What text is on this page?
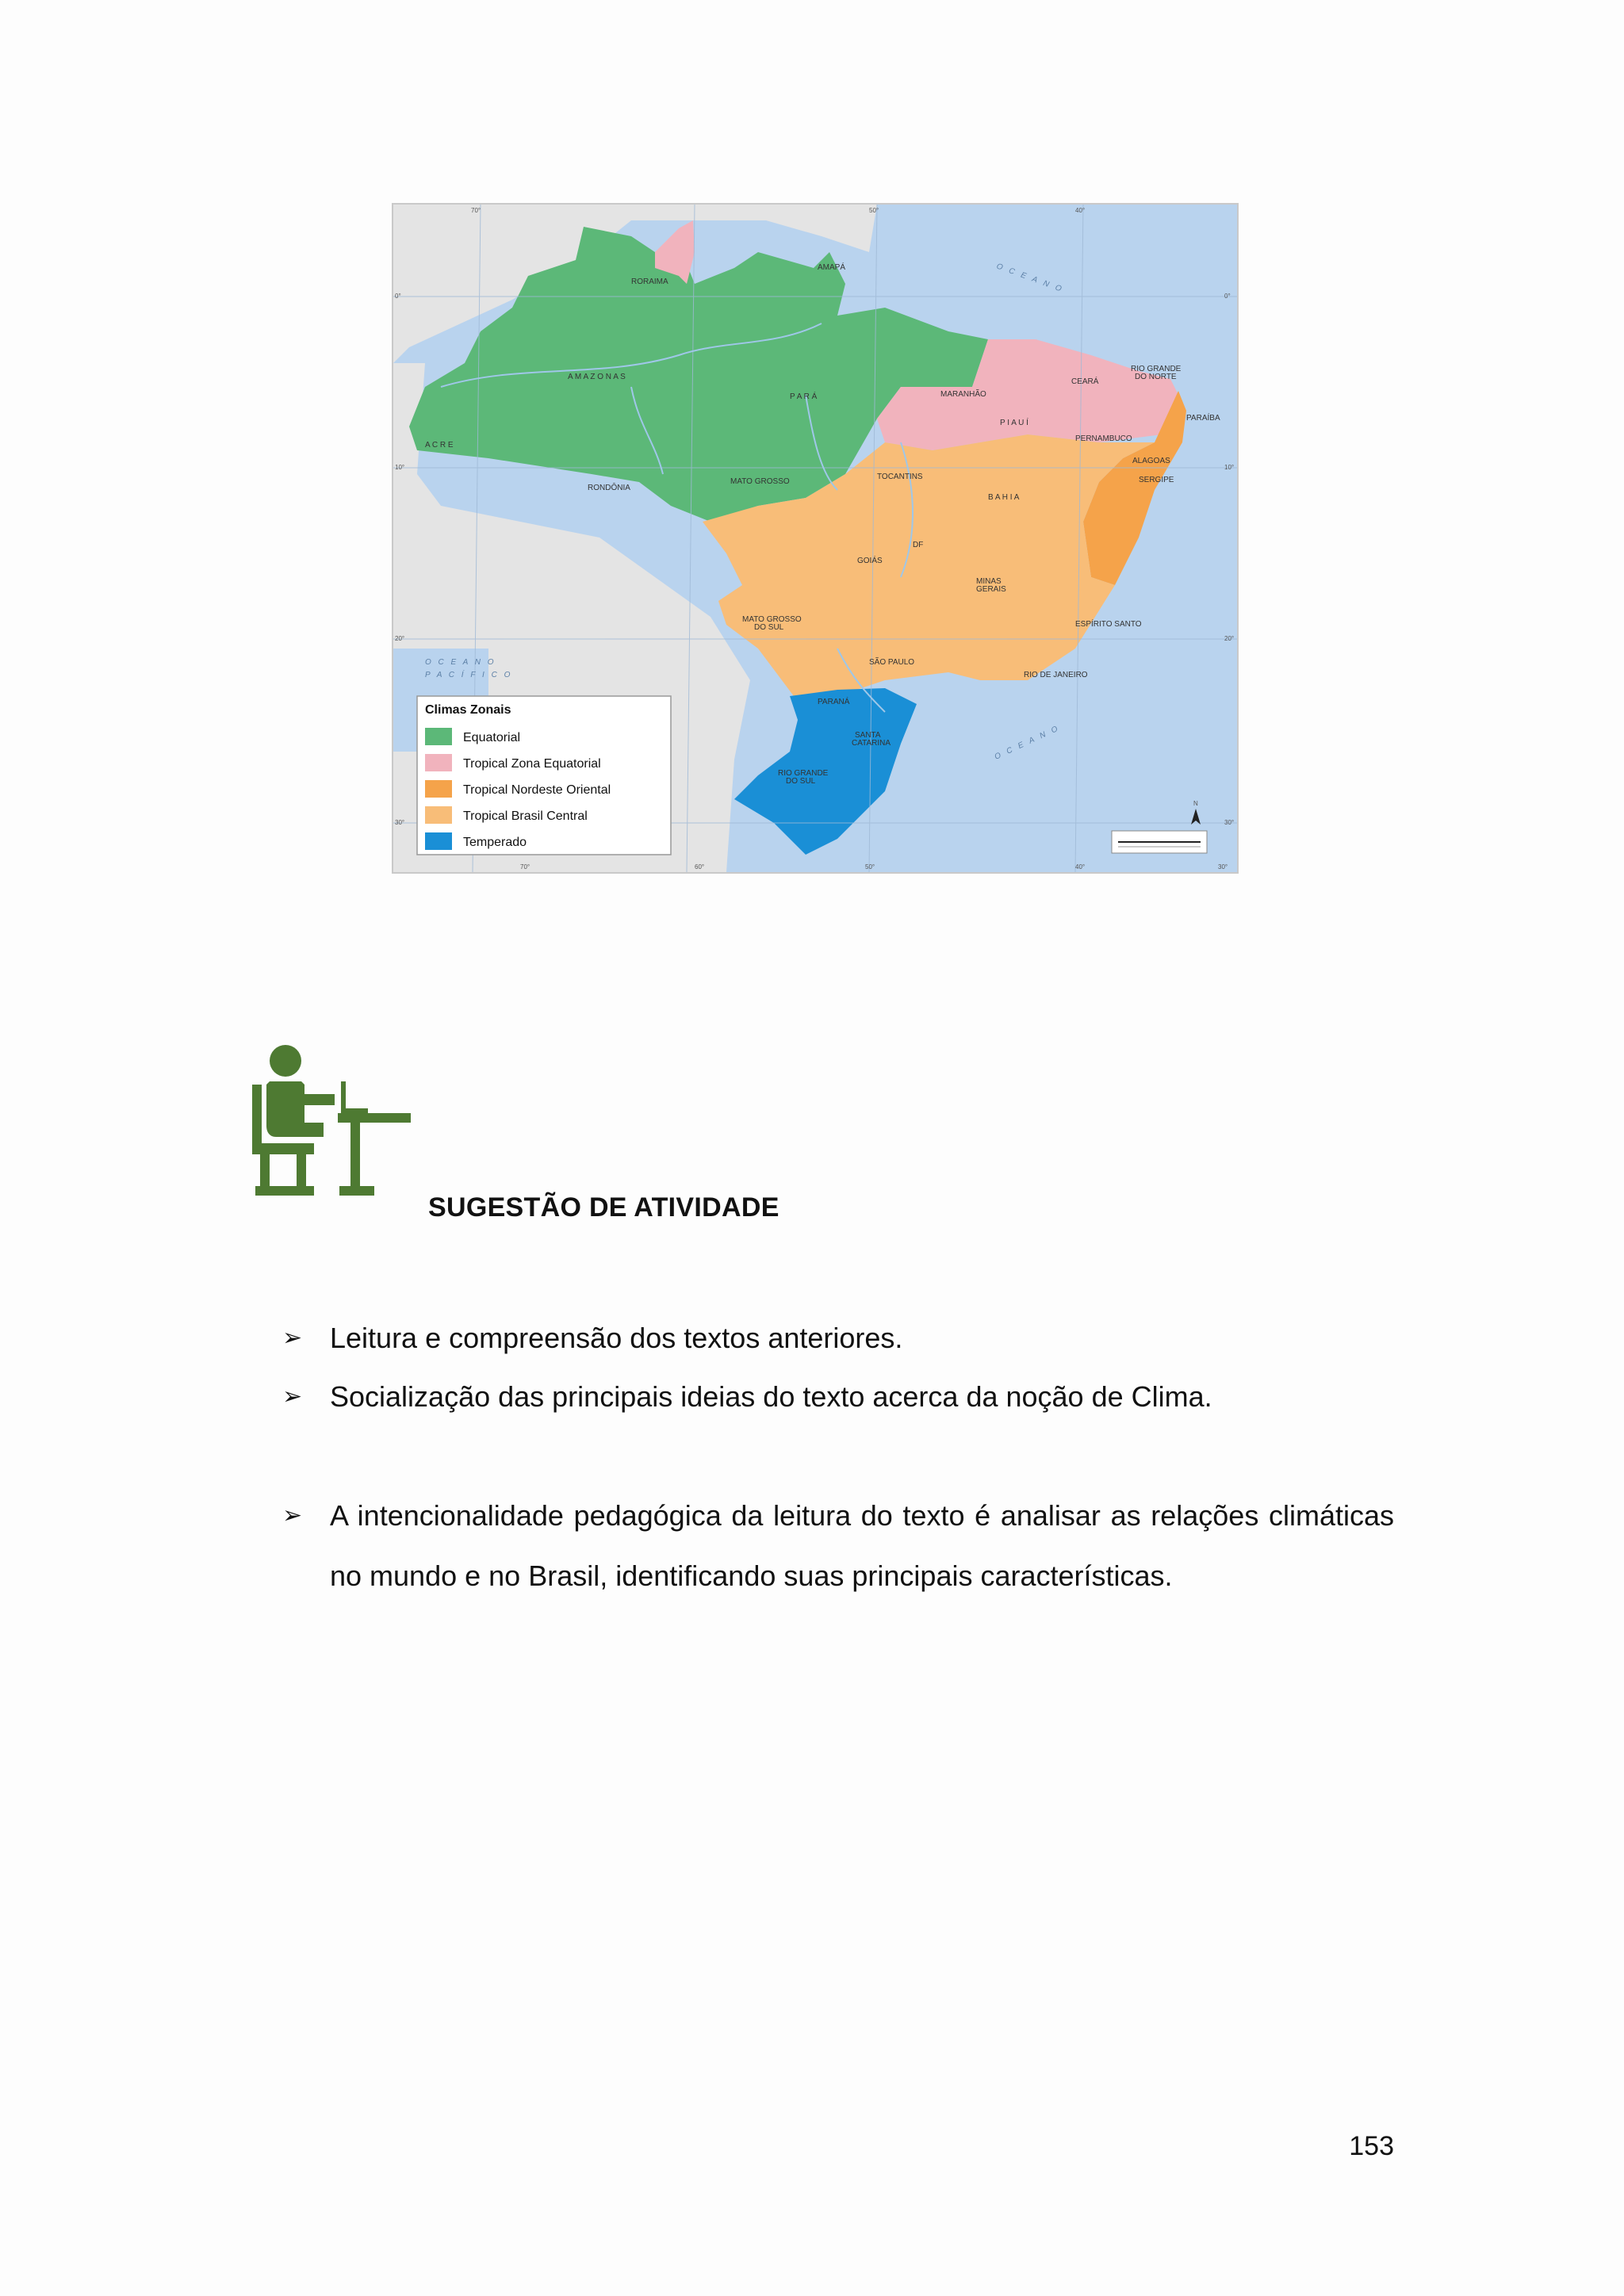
RORAIMA
AMAPÁ
A M A Z O N A S
P A R Á
A C R E
RONDÔNIA
MATO GROSSO
MARANHÃO
CEARÁ
RIO GRANDE
DO NORTE
PARAÍBA
P I A U Í
PERNAMBUCO
ALAGOAS
SERGIPE
TOCANTINS
B A H I A
DF
GOIÁS
MINAS
GERAIS
ESPÍRITO SANTO
MATO GROSSO
DO SUL
SÃO PAULO
RIO DE JANEIRO
PARANÁ
SANTA
CATARINA
RIO GRANDE
DO SUL
O C E A N O
O C E A N O
O C E A N O
P A C Í F I C O
70°	50°	40°
70°	60°	50°	40°	30°
0°
10°
20°
30°
0°
10°
20°
30°
N
Climas Zonais
Equatorial
Tropical Zona Equatorial
Tropical Nordeste Oriental
Tropical Brasil Central
Temperado
SUGESTÃO DE ATIVIDADE
➢ Leitura e compreensão dos textos anteriores.
➢ Socialização das principais ideias do texto acerca da noção de Clima.
➢ A intencionalidade pedagógica da leitura do texto é analisar as relações climáticas no mundo e no Brasil, identificando suas principais características.
153
